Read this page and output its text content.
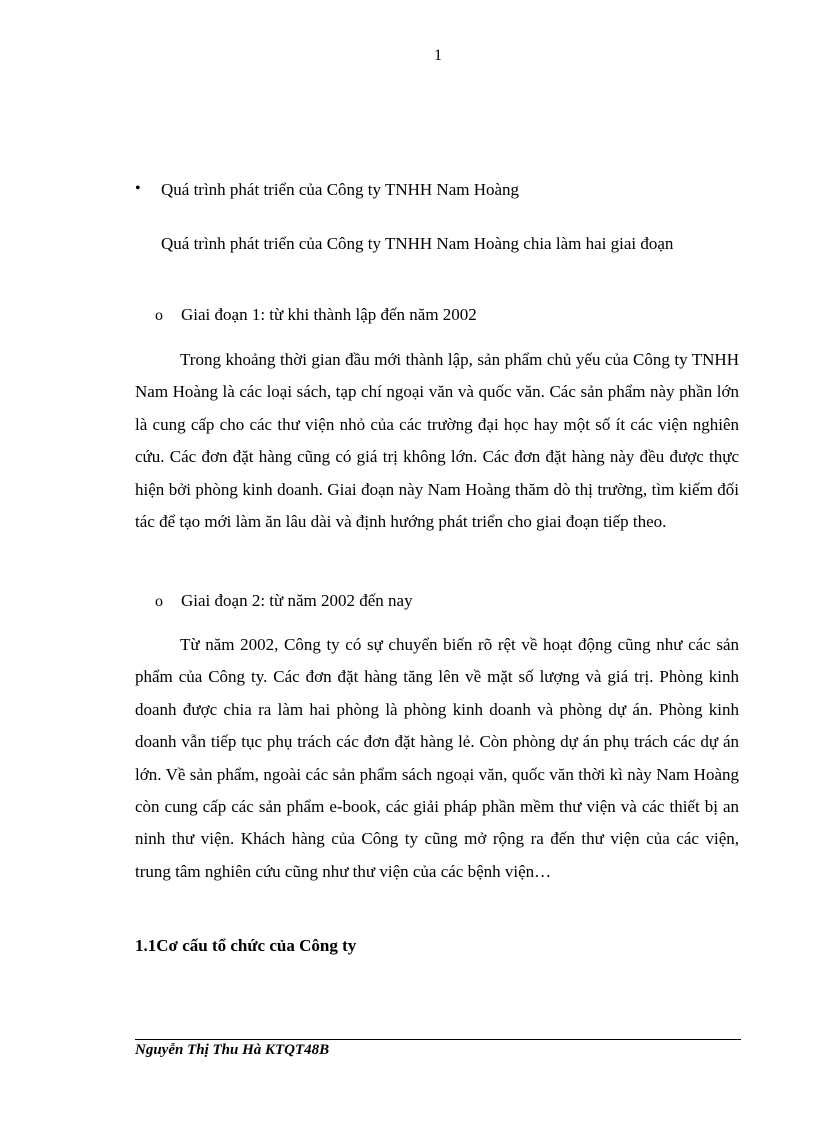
1
• Quá trình phát triển của Công ty TNHH Nam Hoàng
Quá trình phát triển của Công ty TNHH Nam Hoàng chia làm hai giai đoạn
o Giai đoạn 1: từ khi thành lập đến năm 2002
Trong khoảng thời gian đầu mới thành lập, sản phẩm chủ yếu của Công ty TNHH Nam Hoàng là các loại sách, tạp chí ngoại văn và quốc văn. Các sản phẩm này phần lớn là cung cấp cho các thư viện nhỏ của các trường đại học hay một số ít các viện nghiên cứu. Các đơn đặt hàng cũng có giá trị không lớn. Các đơn đặt hàng này đều được thực hiện bởi phòng kinh doanh. Giai đoạn này Nam Hoàng thăm dò thị trường, tìm kiếm đối tác để tạo mới làm ăn lâu dài và định hướng phát triển cho giai đoạn tiếp theo.
o Giai đoạn 2: từ năm 2002 đến nay
Từ năm 2002, Công ty có sự chuyển biến rõ rệt về hoạt động cũng như các sản phẩm của Công ty. Các đơn đặt hàng tăng lên về mặt số lượng và giá trị. Phòng kinh doanh được chia ra làm hai phòng là phòng kinh doanh và phòng dự án. Phòng kinh doanh vẫn tiếp tục phụ trách các đơn đặt hàng lẻ. Còn phòng dự án phụ trách các dự án lớn. Về sản phẩm, ngoài các sản phẩm sách ngoại văn, quốc văn thời kì này Nam Hoàng còn cung cấp các sản phẩm e-book, các giải pháp phần mềm thư viện và các thiết bị an ninh thư viện. Khách hàng của Công ty cũng mở rộng ra đến thư viện của các viện, trung tâm nghiên cứu cũng như thư viện của các bệnh viện…
1.1Cơ cấu tổ chức của Công ty
Nguyễn Thị Thu Hà KTQT48B
